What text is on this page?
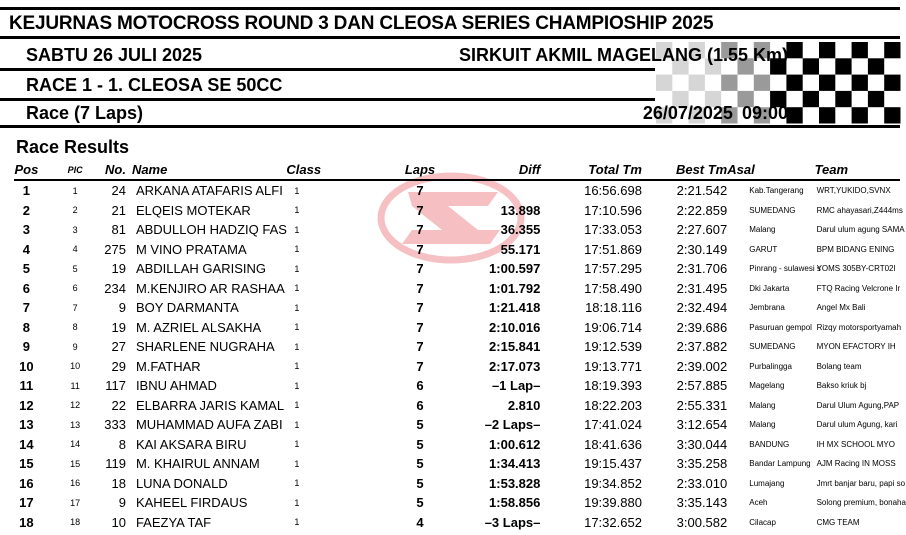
KEJURNAS MOTOCROSS ROUND 3 DAN CLEOSA SERIES CHAMPIOSHIP 2025
SABTU 26 JULI 2025	SIRKUIT AKMIL MAGELANG (1.55 Km)
RACE 1 - 1. CLEOSA SE 50CC
Race (7 Laps)	26/07/2025 09:00
Race Results
Pos	PIC	No.	Name	Class	Laps	Diff	Total Tm	Best Tm	Asal	Team

1	1	24	ARKANA ATAFARIS ALFI	1	7		16:56.698	2:21.542	Kab.Tangerang	WRT,YUKIDO,SVNX
2	2	21	ELQEIS MOTEKAR	1	7	13.898	17:10.596	2:22.859	SUMEDANG	RMC ahayasari,Z444ms
3	3	81	ABDULLOH HADZIQ FAS	1	7	36.355	17:33.053	2:27.607	Malang	Darul ulum agung SAMA
4	4	275	M VINO PRATAMA	1	7	55.171	17:51.869	2:30.149	GARUT	BPM BIDANG ENING
5	5	19	ABDILLAH GARISING	1	7	1:00.597	17:57.295	2:31.706	Pinrang - sulawesi s	YOMS 305BY-CRT02I
6	6	234	M.KENJIRO AR RASHAA	1	7	1:01.792	17:58.490	2:31.495	Dki Jakarta	FTQ Racing Velcrone Ir
7	7	9	BOY DARMANTA	1	7	1:21.418	18:18.116	2:32.494	Jembrana	Angel Mx Bali
8	8	19	M. AZRIEL ALSAKHA	1	7	2:10.016	19:06.714	2:39.686	Pasuruan gempol	Rizqy motorsportyamah
9	9	27	SHARLENE NUGRAHA	1	7	2:15.841	19:12.539	2:37.882	SUMEDANG	MYON EFACTORY IH
10	10	29	M.FATHAR	1	7	2:17.073	19:13.771	2:39.002	Purbalingga	Bolang team
11	11	117	IBNU AHMAD	1	6	–1 Lap–	18:19.393	2:57.885	Magelang	Bakso kriuk bj
12	12	22	ELBARRA JARIS KAMAL	1	6	2.810	18:22.203	2:55.331	Malang	Darul Ulum Agung,PAP
13	13	333	MUHAMMAD AUFA ZABI	1	5	–2 Laps–	17:41.024	3:12.654	Malang	Darul ulum Agung, kari
14	14	8	KAI AKSARA BIRU	1	5	1:00.612	18:41.636	3:30.044	BANDUNG	IH MX SCHOOL MYO
15	15	119	M. KHAIRUL ANNAM	1	5	1:34.413	19:15.437	3:35.258	Bandar Lampung	AJM Racing IN MOSS
16	16	18	LUNA DONALD	1	5	1:53.828	19:34.852	2:33.010	Lumajang	Jmrt banjar baru, papi so
17	17	9	KAHEEL FIRDAUS	1	5	1:58.856	19:39.880	3:35.143	Aceh	Solong premium, bonaha
18	18	10	FAEZYA TAF	1	4	–3 Laps–	17:32.652	3:00.582	Cilacap	CMG TEAM
